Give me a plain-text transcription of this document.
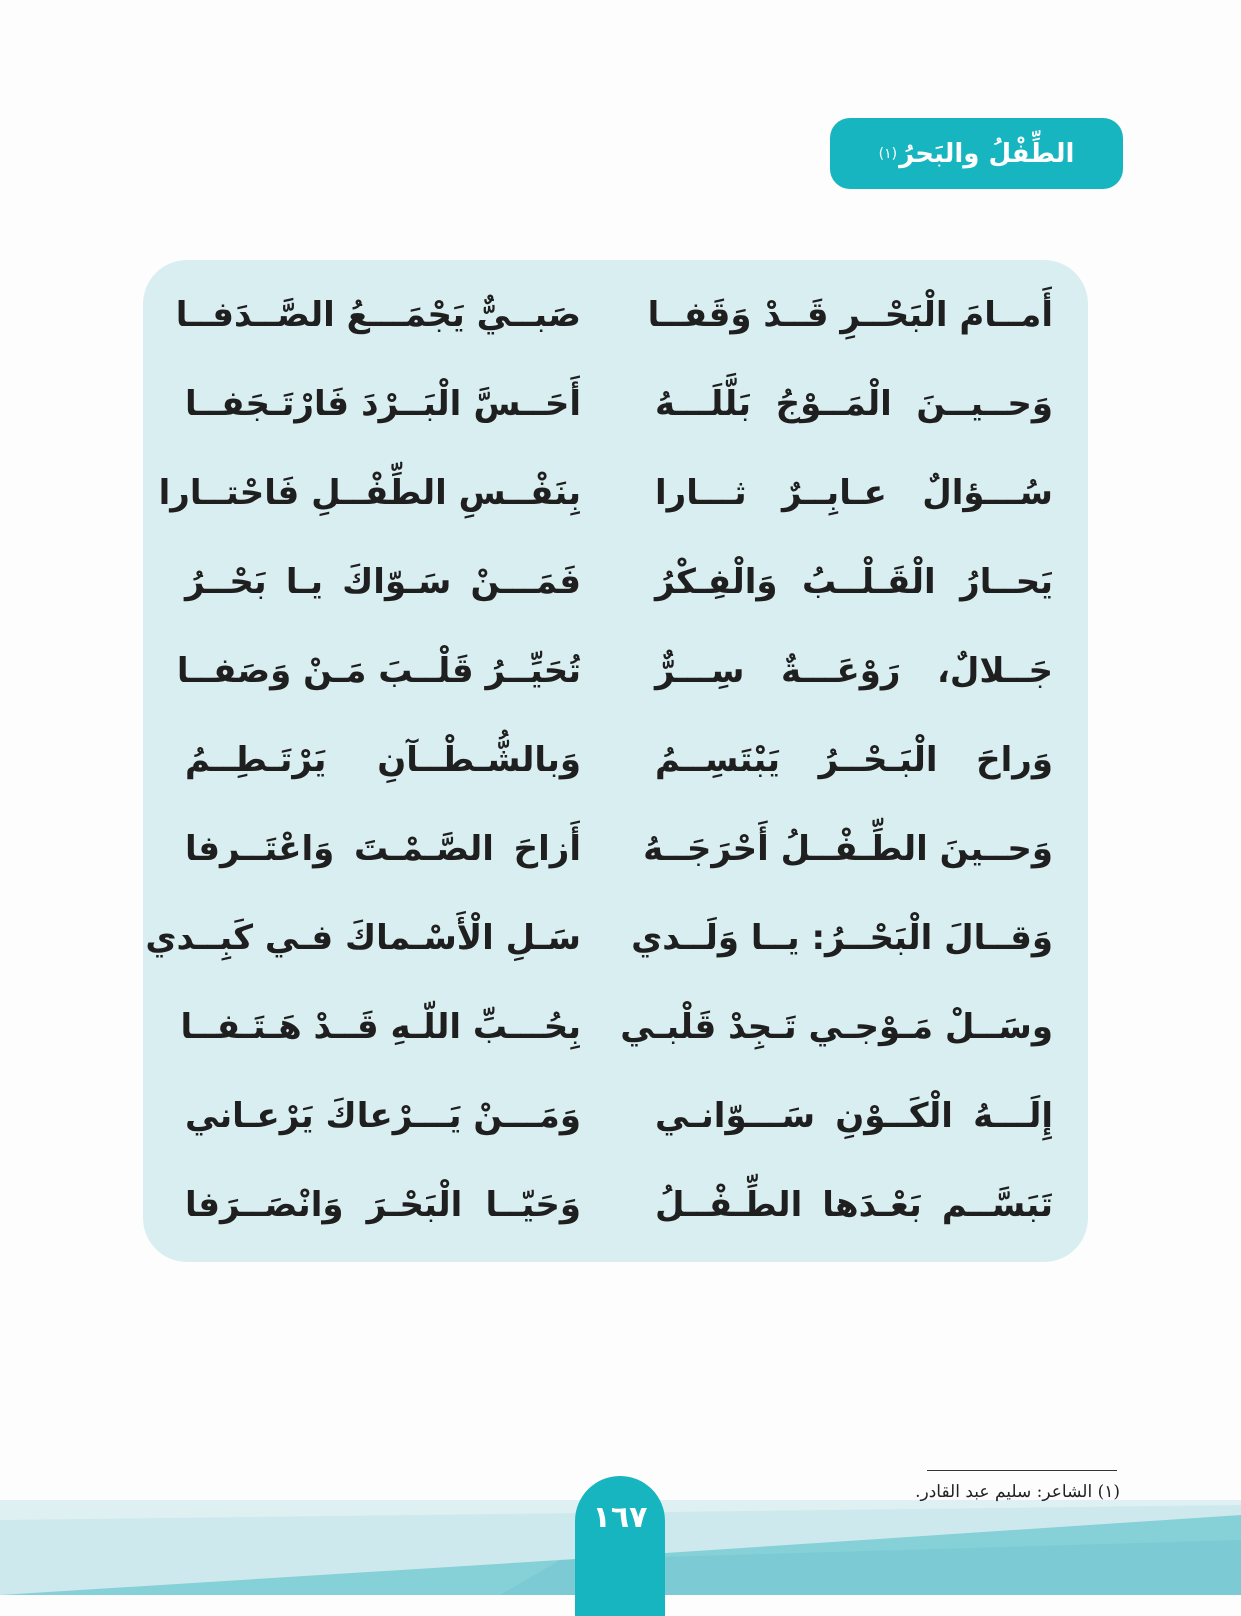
الطِّفْلُ والبَحرُ
(١)
أَمــامَ الْبَحْــرِ قَــدْ وَقَفــا
صَبــيٌّ يَجْمَـــعُ الصَّــدَفــا
وَحــيــنَ الْمَــوْجُ بَلَّلَـــهُ
أَحَــسَّ الْبَــرْدَ فَارْتَـجَفــا
سُـــؤالٌ عـابِــرٌ ثـــارا
بِنَفْــسِ الطِّفْــلِ فَاحْتــارا
يَحــارُ الْقَـلْــبُ وَالْفِـكْرُ
فَمَـــنْ سَـوّاكَ يـا بَحْــرُ
جَــلالٌ، رَوْعَـــةٌ سِـــرٌّ
تُحَيِّــرُ قَلْــبَ مَـنْ وَصَفــا
وَراحَ الْبَـحْــرُ يَبْتَسِــمُ
وَبالشُّـطْــآنِ يَرْتَـطِــمُ
وَحــينَ الطِّـفْــلُ أَحْرَجَــهُ
أَزاحَ الصَّـمْـتَ وَاعْتَــرفا
وَقــالَ الْبَحْــرُ: يــا وَلَــدي
سَـلِ الْأَسْـماكَ فـي كَبِــدي
وسَــلْ مَـوْجـي تَـجِدْ قَلْبـي
بِحُـــبِّ اللّـهِ قَــدْ هَـتَـفــا
إِلَـــهُ الْكَــوْنِ سَـــوّانـي
وَمَـــنْ يَـــرْعاكَ يَرْعـاني
تَبَسَّــم بَعْـدَها الطِّـفْــلُ
وَحَيّــا الْبَحْـرَ وَانْصَــرَفا
(١) الشاعر: سليم عبد القادر.
١٦٧
